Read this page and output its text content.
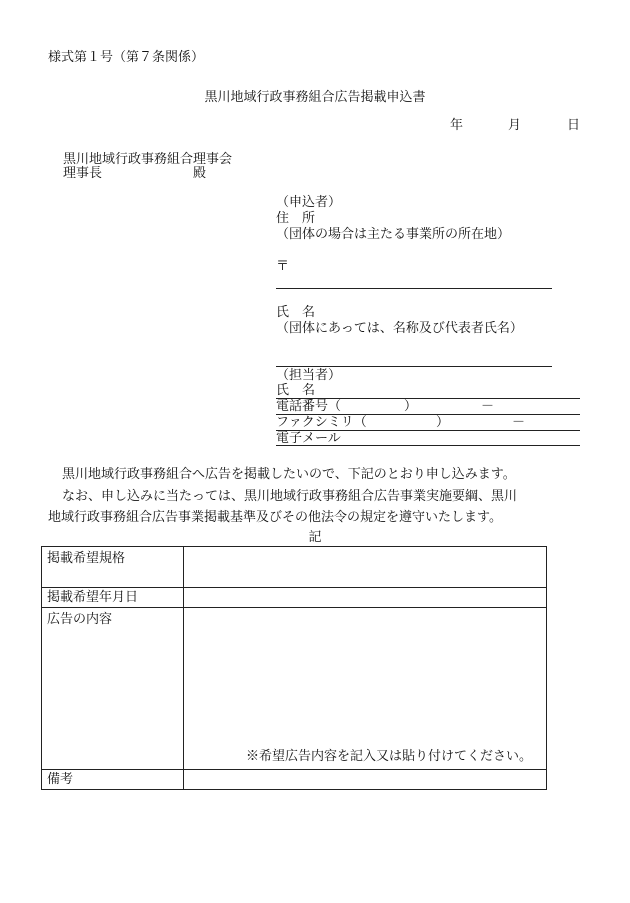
様式第１号（第７条関係）
黒川地域行政事務組合広告掲載申込書
年	月	日
黒川地域行政事務組合理事会
理事長	殿
（申込者）
住　所
（団体の場合は主たる事業所の所在地）
〒
氏　名
（団体にあっては、名称及び代表者氏名）
（担当者）
氏　名
電話番号（	）	－
ファクシミリ（	）	－
電子メール
黒川地域行政事務組合へ広告を掲載したいので、下記のとおり申し込みます。
なお、申し込みに当たっては、黒川地域行政事務組合広告事業実施要綱、黒川
地域行政事務組合広告事業掲載基準及びその他法令の規定を遵守いたします。
記
掲載希望規格	
掲載希望年月日	
広告の内容	※希望広告内容を記入又は貼り付けてください。

備考	
